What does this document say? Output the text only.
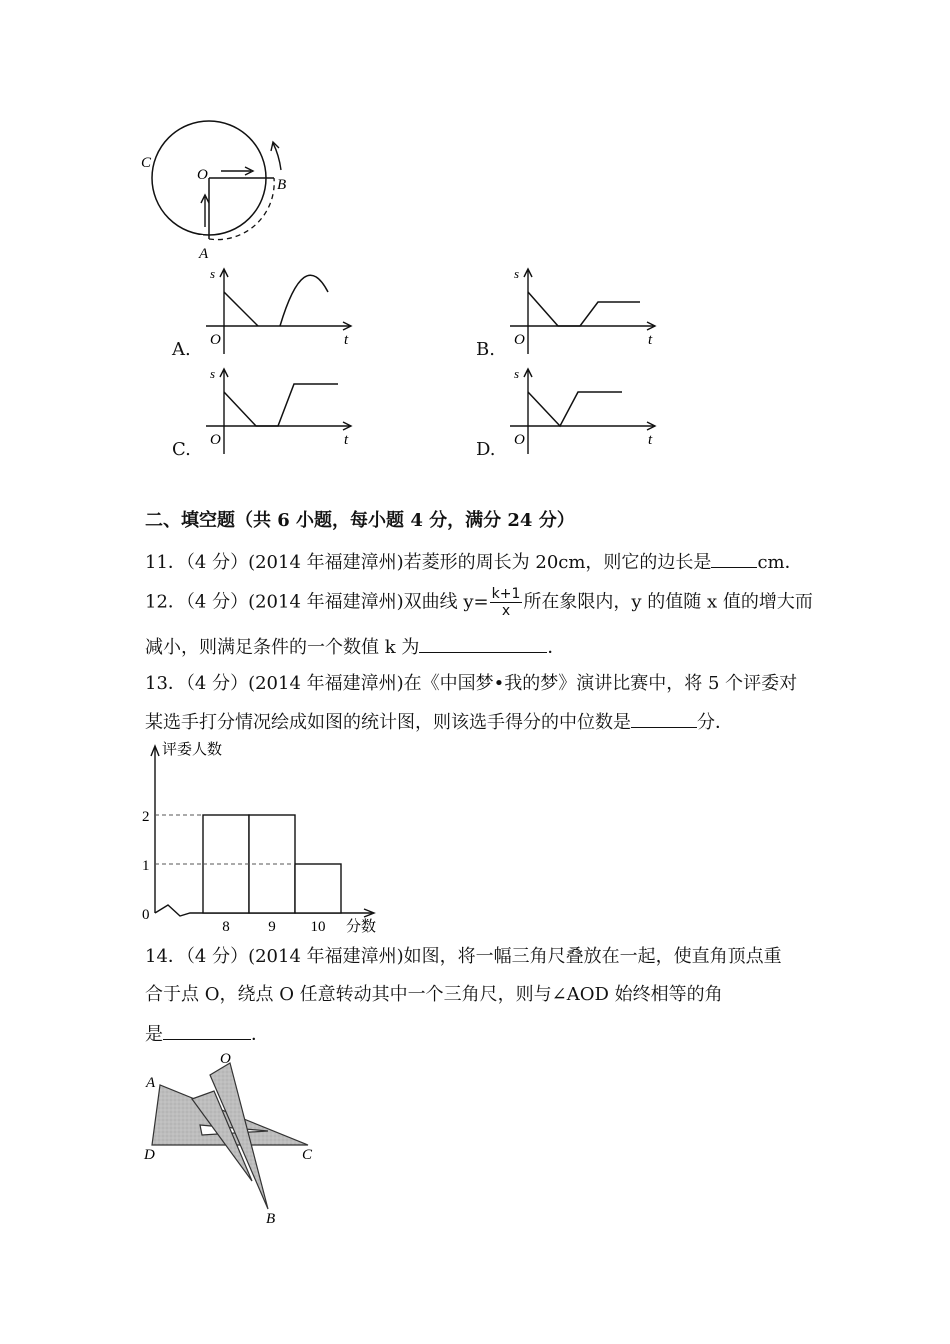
C
O
B
A
A.
s
O	t	B.
s
O	t
C.
s
O	t	D.
s
O	t
二、填空题（共 6 小题，每小题 4 分，满分 24 分）
11．（4 分）(2014 年福建漳州)若菱形的周长为 20cm，则它的边长是	cm．
12．（4 分）(2014 年福建漳州)双曲线 $y= \frac{k+1}{x}$ 所在象限内，y 的值随 x 值的增大而
减小，则满足条件的一个数值 k 为	．
13．（4 分）(2014 年福建漳州)在《中国梦•我的梦》演讲比赛中，将 5 个评委对
某选手打分情况绘成如图的统计图，则该选手得分的中位数是	分．
0
1
2
8	9 10
评委人数
分数
14．（4 分）(2014 年福建漳州)如图，将一幅三角尺叠放在一起，使直角顶点重
合于点 O，绕点 O 任意转动其中一个三角尺，则与∠AOD 始终相等的角
是	．
O
A
D	C
B
